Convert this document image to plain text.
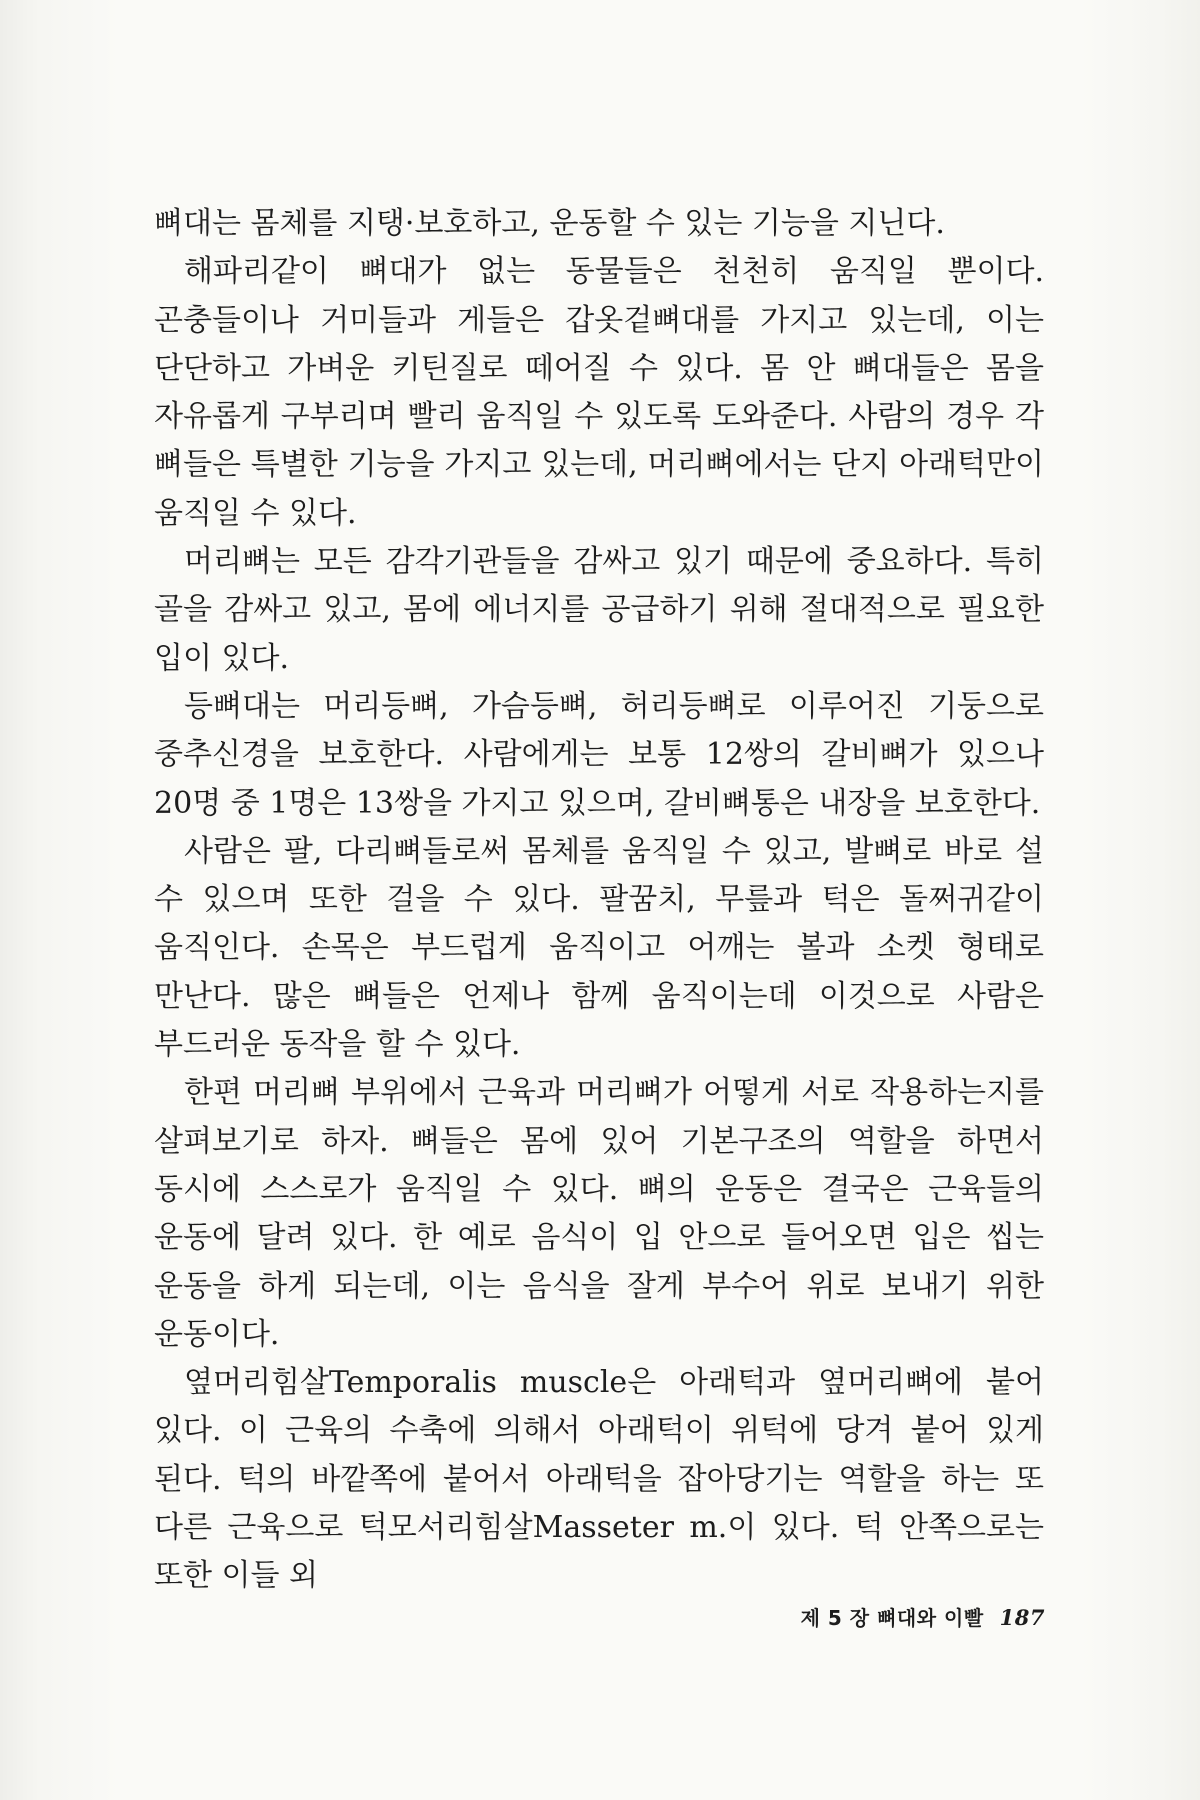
뼈대는 몸체를 지탱·보호하고, 운동할 수 있는 기능을 지닌다.

해파리같이 뼈대가 없는 동물들은 천천히 움직일 뿐이다. 곤충들이나 거미들과 게들은 갑옷겉뼈대를 가지고 있는데, 이는 단단하고 가벼운 키틴질로 떼어질 수 있다. 몸 안 뼈대들은 몸을 자유롭게 구부리며 빨리 움직일 수 있도록 도와준다. 사람의 경우 각 뼈들은 특별한 기능을 가지고 있는데, 머리뼈에서는 단지 아래턱만이 움직일 수 있다.

머리뼈는 모든 감각기관들을 감싸고 있기 때문에 중요하다. 특히 골을 감싸고 있고, 몸에 에너지를 공급하기 위해 절대적으로 필요한 입이 있다.

등뼈대는 머리등뼈, 가슴등뼈, 허리등뼈로 이루어진 기둥으로 중추신경을 보호한다. 사람에게는 보통 12쌍의 갈비뼈가 있으나 20명 중 1명은 13쌍을 가지고 있으며, 갈비뼈통은 내장을 보호한다.

사람은 팔, 다리뼈들로써 몸체를 움직일 수 있고, 발뼈로 바로 설 수 있으며 또한 걸을 수 있다. 팔꿈치, 무릎과 턱은 돌쩌귀같이 움직인다. 손목은 부드럽게 움직이고 어깨는 볼과 소켓 형태로 만난다. 많은 뼈들은 언제나 함께 움직이는데 이것으로 사람은 부드러운 동작을 할 수 있다.

한편 머리뼈 부위에서 근육과 머리뼈가 어떻게 서로 작용하는지를 살펴보기로 하자. 뼈들은 몸에 있어 기본구조의 역할을 하면서 동시에 스스로가 움직일 수 있다. 뼈의 운동은 결국은 근육들의 운동에 달려 있다. 한 예로 음식이 입 안으로 들어오면 입은 씹는 운동을 하게 되는데, 이는 음식을 잘게 부수어 위로 보내기 위한 운동이다.

옆머리힘살Temporalis muscle은 아래턱과 옆머리뼈에 붙어 있다. 이 근육의 수축에 의해서 아래턱이 위턱에 당겨 붙어 있게 된다. 턱의 바깥쪽에 붙어서 아래턱을 잡아당기는 역할을 하는 또 다른 근육으로 턱모서리힘살Masseter m.이 있다. 턱 안쪽으로는 또한 이들 외

제 5 장 뼈대와 이빨 187
